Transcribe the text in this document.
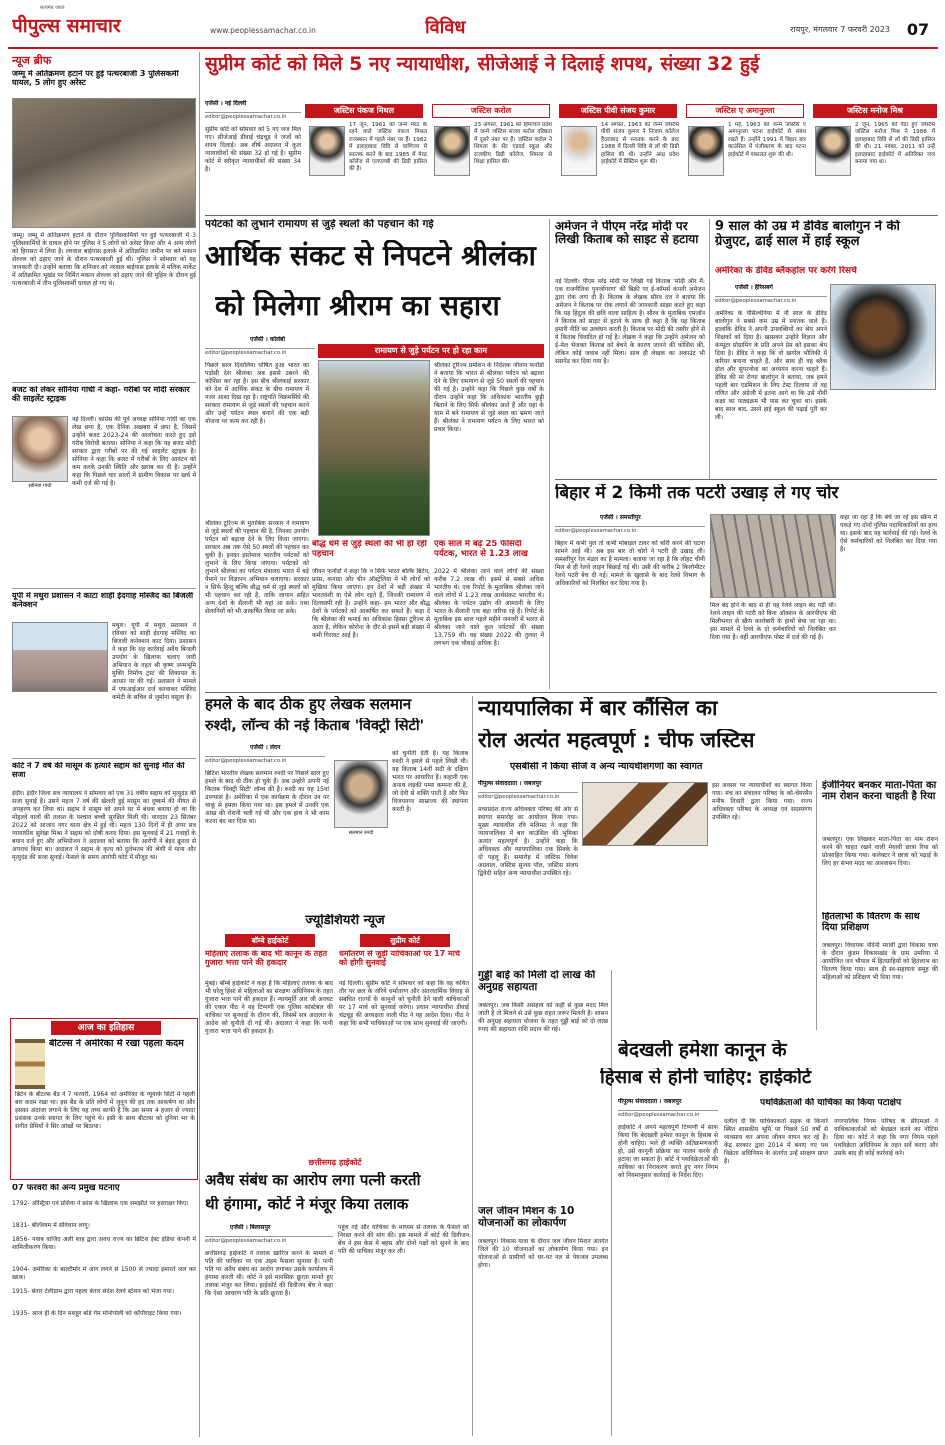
पीपुल्स समाचार
सत्यमेव जयते
www.peoplessamachar.co.in	विविध	रायपुर, मंगलवार 7 फरवरी 2023	07
न्यूज ब्रीफ
जम्मू में अतिक्रमण हटाने पर हुई पत्थरबाजी 3 पुलिसकर्मी घायल, 5 लोग हुए अरेस्ट
जम्मू। जम्मू में अतिक्रमण हटाने के दौरान पुलिसकर्मियों पर हुई पत्थरबाजी में 3 पुलिसकर्मियों के घायल होने पर पुलिस ने 5 लोगों को अरेस्ट किया और 4 अन्य लोगों को हिरासत में लिया है। लरवाल बाईपास इलाके में अतिक्रमित जमीन पर बने मकान शेरुल्ल को ढहाए जाने के दौरान पत्थरबाजी हुई थी। पुलिस ने सोमवार को यह जानकारी दी। उन्होंने बताया कि शनिवार को नरवाल बाईपास इलाके में मलिक मार्केट में अतिक्रमित भूखंड पर निर्मित मकान शेरुल्ल को ढहाए जाने की मुहिम के दौरान हुई पत्थरबाजी में तीन पुलिसकर्मी घायल हो गए थे।
बजट को लेकर सोनिया गांधी ने कहा- गरीबों पर मोदी सरकार की साइलेंट स्ट्राइक
सोनिया गांधी
नई दिल्ली। कांग्रेस की पूर्व अध्यक्ष सोनिया गांधी का एक लेख छपा है, एक दैनिक अखबार में छपा है, जिसमें उन्होंने बजट 2023-24 की आलोचना करते हुए इसे गरीब विरोधी बताया। सोनिया ने कहा कि यह बजट मोदी सरकार द्वारा गरीबों पर की गई साइलेंट स्ट्राइक है। सोनिया ने कहा कि बजट में गरीबों के लिए आवंटन को कम करके उनकी स्थिति और खराब कर दी है। उन्होंने कहा कि पिछले चार सालों में ग्रामीण विकास पर खर्च में कमी दर्ज की गई है।
यूपी में मथुरा प्रशासन ने काटा शाही ईदगाह मस्जिद का बिजली कनेक्शन
मथुरा। यूपी में मथुरा प्रशासन ने रविवार को शाही ईदगाह मस्जिद का बिजली कनेक्शन काट दिया। प्रशासन ने कहा कि यह कार्रवाई अवैध बिजली उपयोग के खिलाफ चलाए जारी अभियान के तहत श्री कृष्ण जन्मभूमि मुक्ति निर्माण ट्रस्ट की शिकायत के आधार पर की गई। प्रशासन ने मामले में एफआईआर दर्ज करवाकर मस्जिद कमेटी के सचिव से जुर्माना वसूला है।
कोर्ट ने 7 वर्ष की मासूम के हत्यारे सद्दाम को सुनाई मौत की सजा
इंदौर। इंदौर जिला सत्र न्यायालय ने सोमवार को एक 31 वर्षीय सद्दाम को मृत्युदंड की सजा सुनाई है। उसने महज 7 वर्ष की खेलती हुई मासूम का दुष्कर्म की नीयत से अपहरण कर लिया था। सद्दाम ने मासूम को अपने घर में बंधक बनाया हो था कि मोहल्ले वालों की तलाश के पश्चात बच्ची सुरक्षित मिली थी। वारदात 23 सितंबर 2022 को आजाद नगर थाना क्षेत्र में हुई थी। महज 130 दिनों में ही अपर सत्र न्यायाधीश सुरेखा मिश्रा ने सद्दाम को दोषी करार दिया। इस सुनवाई में 21 गवाहों के बयान दर्ज हुए और अभियोजन ने अदालत को बताया कि आरोपी ने बेहद क्रूरता से अपराध किया था। अदालत ने सद्दाम के कृत्य को दुर्लभतम की श्रेणी में माना और मृत्युदंड की सजा सुनाई। फैसले के समय आरोपी कोर्ट में मौजूद था।
आज का इतिहास
बीटल्स ने अमेरिका में रखा पहला कदम
ब्रिटेन के बीटल्स बैंड ने 7 फरवरी, 1964 को अमेरिका के न्यूयार्क सिटी में पहली बार कदम रखा था। इस बैंड के प्रति लोगों में जुनून की हद तक आकर्षण था और इसका अंदाजा लगाने के लिए यह तथ्य काफी है कि उस समय 4 हजार से ज्यादा प्रशंसक उनके स्वागत के लिए पहुंचे थे। इसी के साथ बीटल्स को दुनिया भर के संगीत प्रेमियों ने सिर आंखों पर बिठाया।
07 फरवरी की अन्य प्रमुख घटनाएं
1792- ऑस्ट्रिया एवं प्रशिया ने फ्रांस के खिलाफ एक समझौते पर हस्ताक्षर किए।
1831- बेल्जियम में संविधान लागू।
1856- नवाब वाजिद अली शाह द्वारा अवध राज्य का ब्रिटिश ईस्ट इंडिया कंपनी में शामिलीकरण किया।
1904- अमेरिका के बाल्टीमोर में आग लगने से 1500 से ज्यादा इमारतें जल कर खाक।
1915- बेतार टेलीग्राम द्वारा पहला बेतार संदेश रेलवे स्टेशन को भेजा गया।
1935- आज ही के दिन मशहूर बोर्ड गेम मोनोपोली को कॉपीराइट किया गया।
सुप्रीम कोर्ट को मिले 5 नए न्यायाधीश, सीजेआई ने दिलाई शपथ, संख्या 32 हुई
एजेंसी । नई दिल्ली
editor@peoplessamachar.co.in
सुप्रीम कोर्ट को सोमवार को 5 नए जज मिल गए। सीजेआई डीवाई चंद्रचूड़ ने जजों को शपथ दिलाई। अब शीर्ष अदालत में कुल न्यायाधीशों की संख्या 32 हो गई है। सुप्रीम कोर्ट में स्वीकृत न्यायाधीशों की संख्या 34 है।
जस्टिस पंकज मिथल
17 जून, 1961 को जन्मे मेरठ के रहने वाले जस्टिस पंकज मिथल राजस्थान में पहले नंबर पर हैं। 1982 में इलाहाबाद विवि से वाणिज्य में स्नातक करने के बाद 1985 में मेरठ कॉलेज से एलएलबी की डिग्री हासिल की है।
जस्टिस करोल
23 अगस्त, 1961 को हिमाचल प्रदेश में जन्मे जस्टिस संजय करोल वरिष्ठता में दूसरे नंबर पर हैं। जस्टिस करोल ने शिमला के सेंट एडवर्ड स्कूल और राजकीय डिग्री कॉलेज, शिमला से शिक्षा हासिल की।
जस्टिस पीवी संजय कुमार
14 अगस्त, 1963 को जन्मे जस्टिस पीवी संजय कुमार ने निजाम कॉलेज हैदराबाद से स्नातक करने के बाद 1988 में दिल्ली विवि से लॉ की डिग्री हासिल की थी। उन्होंने आंध्र प्रदेश हाईकोर्ट में प्रैक्टिस शुरू की।
जस्टिस ए अमानुल्ला
1 मई, 1963 को जन्मे जस्टिस ए अमानुल्ला पटना हाईकोर्ट से संबंध रखते हैं। उन्होंने 1991 में बिहार बार काउंसिल में पंजीकरण के बाद पटना हाईकोर्ट में वकालत शुरू की थी।
जस्टिस मनोज मिश्र
2 जून, 1965 को पैदा हुए जस्टिस जस्टिस मनोज मिश्र ने 1988 में इलाहाबाद विवि से लॉ की डिग्री हासिल की थी। 21 नवंबर, 2011 को उन्हें इलाहाबाद हाईकोर्ट में अतिरिक्त जज बनाया गया था।
पर्यटकों को लुभाने रामायण से जुड़े स्थलों की पहचान की गई
आर्थिक संकट से निपटने श्रीलंका
को मिलेगा श्रीराम का सहारा
एजेंसी । कोलंबो
editor@peoplessamachar.co.in
पिछले साल दिवालिया घोषित हुआ भारत का पड़ोसी देश श्रीलंका अब इससे उबरने की कोशिश कर रहा है। इस बीच श्रीलंकाई सरकार को देश में आर्थिक संकट के बीच रामायण में नजर आशा दिख रहा है। राष्ट्रपति विक्रमसिंघे की सरकार रामायण से जुड़े स्थलों की पहचान करने और उन्हें पर्यटन स्थल बनाने की एक बड़ी योजना पर काम कर रही है।
रामायण से जुड़े पर्यटन पर हो रहा काम
श्रीलंका टूरिज्म प्रमोशन के निदेशक जीवान फर्नांडो ने बताया कि भारत से श्रीलंका पर्यटन को बढ़ावा देने के लिए रामायण से जुड़े 50 स्थलों की पहचान की गई है। उन्होंने कहा कि पिछले कुछ वर्षों के दौरान उन्होंने कहा कि अधिकांश भारतीय छुट्टी बिताने के लिए सिर्फ श्रीलंका आते हैं और यहां के धाम में बने रामायण से जुड़े स्थल का भ्रमण जाते हैं। श्रीलंका ने रामायण पर्यटन के लिए भारत को प्रचार किया।
श्रीलंका टूरिज्म के मुताबिक सरकार ने रामायण से जुड़े स्थलों की पहचान की है, जिनका उपयोग पर्यटन को बढ़ावा देने के लिए किया जाएगा। सरकार अब तक ऐसे 50 स्थलों की पहचान कर चुकी है। इनका इस्तेमाल भारतीय पर्यटकों को लुभाने के लिए किया जाएगा। पर्यटकों को लुभाने श्रीलंका का पर्यटन मंत्रालय भारत में बड़े पैमाने पर विज्ञापन अभियान चलाएगा। सरकार न सिर्फ हिन्दू बल्कि बौद्ध धर्म से जुड़े स्थलों को भी पहचान कर रही है, ताकि जापान सहित अन्य देशों के सैलानी भी यहां आ सकें। तथा सेलानियों को भी आकर्षित किया जा सके।
बौद्ध धर्म से जुड़े स्थलों की भी हो रही पहचान
जीवन फर्नांडो ने कहा कि न सिर्फ भारत बल्कि ब्रिटेन, फ्रांस, कनाडा और चीन ऑस्ट्रेलिया में भी लोगों को मुखिया किया जाएगा। इन देशों में बड़ी संख्या में भारतवंशी या ऐसे लोग रहते हैं, जिनकी रामायण में दिलचस्पी रही है। उन्होंने कहा- हम भारत और बौद्ध देशों के पर्यटकों को आकर्षित कर सकते हैं। कहा दें कि श्रीलंका की कमाई का अधिकांश हिस्सा टूरिज्म से आता है, लेकिन कोरोना के दौर से इसमें बड़ी संख्या में कमी गिरावट आई है।
एक साल में बढ़े 25 फीसदी पर्यटक, भारत से 1.23 लाख
2022 में श्रीलंका जाने वाले लोगों की संख्या करीब 7.2 लाख थी। इसमें से सबसे अधिक भारतीय थे। एक रिपोर्ट के मुताबिक श्रीलंका जाने वाले लोगों में 1.23 लाख आर्थसंकट भारतीय थे। श्रीलंका के पर्यटन उद्योग की आमदनी के लिए भारत के सैलानी एक बड़ा जरिया रहे हैं। रिपोर्ट के मुताबिक इस साल पहले महीने जनवरी में भारत से श्रीलंका जाने वाले कुल पर्यटकों की संख्या 13,759 थी। यह संख्या 2022 की तुलना में लगभग एक चौथाई अधिक है।
अमेजन ने पीएम नरेंद्र मोदी पर लिखी किताब को साइट से हटाया
नई दिल्ली। पीएम नरेंद्र मोदी पर लिखी गई किताब 'मोदी और मैं: एक राजनीतिक पुनर्जागरण' की बिक्री पर ई-कॉमर्स कंपनी अमेजन द्वारा रोक लगा दी है। किताब के लेखक सौरव दत्त ने बताया कि अमेजन ने किताब पर रोक लगाने की जानकारी साझा करते हुए कहा कि यह हिंदुत्व की छवि वाला साहित्य है। सौरव के मुताबिक एमज़ॉन ने किताब को साइट से हटाने के साथ ही कहा है कि यह किताब हमारी नीति का उल्लंघन करती है। किताब पर मोदी की तस्वीर होने से ये किताब विवादित हो गई है। लेखक ने कहा कि उन्होंने अमेजन को ई-मेल भेजकर किताब को बेचने के कारण जानने की कोशिश की, लेकिन कोई जवाब नहीं मिला। साथ ही लेखक का अकाउंट भी ससपेंड कर दिया गया है।
9 साल की उम्र में डेविड बालोगुन ने की ग्रेजुएट, ढाई साल में हाई स्कूल
अमेरिका के डेविड ब्लैकहोल पर करेंगे रिसर्च
एजेंसी । हैरिसबर्ग
editor@peoplessamachar.co.in
अमेरिका के पेंसिल्वेनिया में नौ साल के डेविड बालोगुन ने सबसे कम उम्र में स्नातक वाले हैं। हालांकि डेविड ने अपनी उपलब्धियों का श्रेय अपने शिक्षकों को दिया है। खासकर उन्होंने विज्ञान और कंप्यूटर प्रोग्रामिंग के प्रति अपने प्रेम को इसका श्रेय दिया है। डेविड ने कहा कि वो खगोल भौतिकी में करियर बनाना चाहते हैं, और साथ ही वह ब्लैक होल और सुपरनोवा का अध्ययन करना चाहते हैं। डेविड की मां रोन्या बालोगुन ने बताया, जब हमने पहली बार एडमिशन के लिए टेस्ट दिलाया तो वह गणित और अंग्रेजी में इतना आगे था कि उसे नौवीं कक्षा का पाठ्यक्रम भी पास कर चुका था। इसके बाद साल बाद, उसने हाई स्कूल की पढ़ाई पूरी कर ली।
बिहार में 2 किमी तक पटरी उखाड़ ले गए चोर
एजेंसी । समस्तीपुर
editor@peoplessamachar.co.in
बिहार में कभी पुल तो कभी मोबाइल टावर को चोरी करने की घटना सामने आई थी। अब इस बार तो चोरों ने पटरी ही उखाड़ ली। समस्तीपुर रेल मंडल का है मामला। बताया जा रहा है कि लोहट चीनी मिल से ही रेलवे लाइन बिछाई गई थी। उसी की करीब 2 किलोमीटर रेलवे पटरी बेच दी गई। मामले के खुलासे के बाद रेलवे विभाग के अधिकारियों को निलंबित कर दिया गया है।
मिल बंद होने के बाद से ही यह रेलवे लाइन बंद पड़ी थी। रेलवे लाइन की पटरी को बिना ऑक्शन के आरपीएफ की मिलीभगत से स्क्रैप कारोबारी के हाथों बेचा जा रहा था। इस मामले में रेलवे के दो कर्मचारियों को निलंबित कर दिया गया है। वहीं आरपीएफ पोस्ट में दर्ज की गई है।
कहा जा रहा है कि बेचे जा रहे इस स्क्रैप में पकड़े गए दोनों पुलिस पदाधिकारियों का हाथ था। इसके बाद यह कार्रवाई की गई। रेलवे के ऐसे कर्मचारियों को निलंबित कर दिया गया है।
हमले के बाद ठीक हुए लेखक सलमान
रुश्दी, लॉन्च की नई किताब 'विक्ट्री सिटी'
एजेंसी । लंदन
editor@peoplessamachar.co.in
ब्रिटिश भारतीय लेखक सलमान रुश्दी पर पिछले साल हुए हमले के बाद वो ठीक हो चुके हैं। अब उन्होंने अपनी नई किताब 'विक्ट्री सिटी' लॉन्च की है। रुश्दी का यह 15वां उपन्यास है। अमेरिका में एक कार्यक्रम के दौरान उन पर चाकू से हमला किया गया था। इस हमले में उनकी एक आंख की रोशनी चली गई थी और एक हाथ ने भी काम करना बंद कर दिया था।
सलमान रुश्दी
को चुनौती देती है। यह किताब रुश्दी ने हमले से पहले लिखी थी। यह किताब 14वीं सदी के दक्षिण भारत पर आधारित है। कहानी एक अनाथ लड़की पम्पा कम्पना की है, जो देवी से शक्ति पाती है और फिर विजयनगर साम्राज्य की स्थापना करती है।
ज्यूडिशियरी न्यूज
बॉम्बे हाईकोर्ट
महिलाएं तलाक के बाद भी कानून के तहत गुजारा भत्ता पाने की हकदार
मुंबई। बॉम्बे हाईकोर्ट ने कहा है कि महिलाएं तलाक के बाद भी घरेलू हिंसा से महिलाओं का संरक्षण अधिनियम के तहत गुजारा भत्ता पाने की हकदार हैं। न्यायमूर्ति आर जी अवचट की एकल पीठ ने यह टिप्पणी एक पुलिस कांस्टेबल की याचिका पर सुनवाई के दौरान की, जिसमें सत्र अदालत के आदेश को चुनौती दी गई थी। अदालत ने कहा कि पत्नी गुजारा भत्ता पाने की हकदार है।
सुप्रीम कोर्ट
धर्मांतरण से जुड़ी याचिकाओं पर 17 मार्च को होगी सुनवाई
नई दिल्ली। सुप्रीम कोर्ट ने सोमवार को कहा कि वह कथित तौर पर छल के जरिये धर्मांतरण और अंतरधार्मिक विवाह से संबंधित राज्यों के कानूनों को चुनौती देने वाली याचिकाओं पर 17 मार्च को सुनवाई करेगा। प्रधान न्यायाधीश डीवाई चंद्रचूड़ की अध्यक्षता वाली पीठ ने यह आदेश दिया। पीठ ने कहा कि सभी याचिकाओं पर एक साथ सुनवाई की जाएगी।
छत्तीसगढ़ हाईकोर्ट
अवैध संबंध का आरोप लगा पत्नी करती
थी हंगामा, कोर्ट ने मंजूर किया तलाक
एजेंसी । बिलासपुर
editor@peoplessamachar.co.in
छत्तीसगढ़ हाईकोर्ट ने तलाक खारिज करने के मामले में पति की याचिका पर एक अहम फैसला सुनाया है। पत्नी पति पर अवैध संबंध का आरोप लगाकर उसके कार्यालय में हंगामा करती थी। कोर्ट ने इसे मानसिक क्रूरता मानते हुए तलाक मंजूर कर लिया। हाईकोर्ट की डिवीजन बेंच ने कहा कि ऐसा आचरण पति के प्रति क्रूरता है।
पहुंच गई और याचिका के माध्यम से तलाक के फैसले को निरस्त करने की मांग की। इस मामले में कोर्ट की डिवीजन बेंच ने इस केस में बहस और दोनों पक्षों को सुनने के बाद पति की याचिका मंजूर कर ली।
न्यायपालिका में बार कौंसिल का
रोल अत्यंत महत्वपूर्ण : चीफ जस्टिस
एसबीसी ने किया सीजे व अन्य न्यायधीशगणों का स्वागत
पीपुल्स संवाददाता । जबलपुर
editor@peoplessamachar.co.in
मध्यप्रदेश राज्य अधिवक्ता परिषद की ओर से स्वागत समारोह का आयोजन किया गया। मुख्य न्यायाधीश रवि मलिमठ ने कहा कि न्यायपालिका में बार काउंसिल की भूमिका अत्यंत महत्वपूर्ण है। उन्होंने कहा कि अधिवक्ता और न्यायपालिका एक सिक्के के दो पहलू हैं। समारोह में जस्टिस विवेक अग्रवाल, जस्टिस सुजय पॉल, जस्टिस संजय द्विवेदी सहित अन्य न्यायाधीश उपस्थित रहे।
इस अवसर पर न्यायाधीशों का स्वागत किया गया। मंच का संचालन परिषद के को-चेयरमैन मनीष तिवारी द्वारा किया गया। राज्य अधिवक्ता परिषद के अध्यक्ष एवं सदस्यगण उपस्थित रहे।
गुड्डी बाई को मिली दो लाख की अनुग्रह सहायता
जबलपुर। जब किसी असहाय को कहीं से कुछ मदद मिल जाती है तो मिलने से उसे कुछ राहत जरूर मिलती है। शासन की अनुग्रह सहायता योजना के तहत गुड्डी बाई को दो लाख रुपए की सहायता राशि प्रदान की गई।
जल जीवन मिशन के 10 योजनाओं का लोकार्पण
जबलपुर। विकास यात्रा के दौरान जल जीवन मिशन अंतर्गत जिले की 10 योजनाओं का लोकार्पण किया गया। इन योजनाओं से ग्रामीणों को घर-घर नल से पेयजल उपलब्ध होगा।
बेदखली हमेशा कानून के
हिसाब से होनी चाहिए: हाईकोर्ट
पथविक्रेताओं की याचिका का किया पटाक्षेप
पीपुल्स संवाददाता । जबलपुर
editor@peoplessamachar.co.in
हाईकोर्ट ने अपने महत्वपूर्ण टिप्पणी में साफ किया कि बेदखली हमेशा कानून के हिसाब से होनी चाहिए। भले ही व्यक्ति अतिक्रमणकारी हो, उसे कानूनी प्रक्रिया का पालन करके ही हटाया जा सकता है। कोर्ट ने पथविक्रेताओं की याचिका का निराकरण करते हुए नगर निगम को नियमानुसार कार्रवाई के निर्देश दिए।
दलील दी कि याचिकाकर्ता सड़क के किनारे स्थित शासकीय भूमि पर पिछले 50 वर्षों से व्यवसाय कर अपना जीवन यापन कर रहे हैं। केंद्र सरकार द्वारा 2014 में बनाए गए पथ विक्रेता अधिनियम के अंतर्गत उन्हें संरक्षण प्राप्त है।
नगरपालिक निगम परिषद के सीएमओ ने याचिकाकर्ताओं को बेदखल करने का नोटिस दिया था। कोर्ट ने कहा कि नगर निगम पहले पथविक्रेता अधिनियम के तहत सर्वे कराए और उसके बाद ही कोई कार्रवाई करे।
इंजीनियर बनकर माता-पिता का नाम रोशन करना चाहती है रिया
जबलपुर। एक लिखकर माता-पिता का नाम रोशन करने की चाहत रखने वाली मेधावी छात्रा रिया को प्रोत्साहित किया गया। कलेक्टर ने छात्रा को पढ़ाई के लिए हर संभव मदद का आश्वासन दिया।
हितलाभों के वितरण के साथ दिया प्रशिक्षण
जबलपुर। विधायक नंदिनी मरावी द्वारा विकास यात्रा के दौरान कुंडम विकासखंड के ग्राम उमरिया में आयोजित जन चौपाल में हितग्राहियों को हितलाभ का वितरण किया गया। साथ ही स्व-सहायता समूह की महिलाओं को प्रशिक्षण भी दिया गया।
